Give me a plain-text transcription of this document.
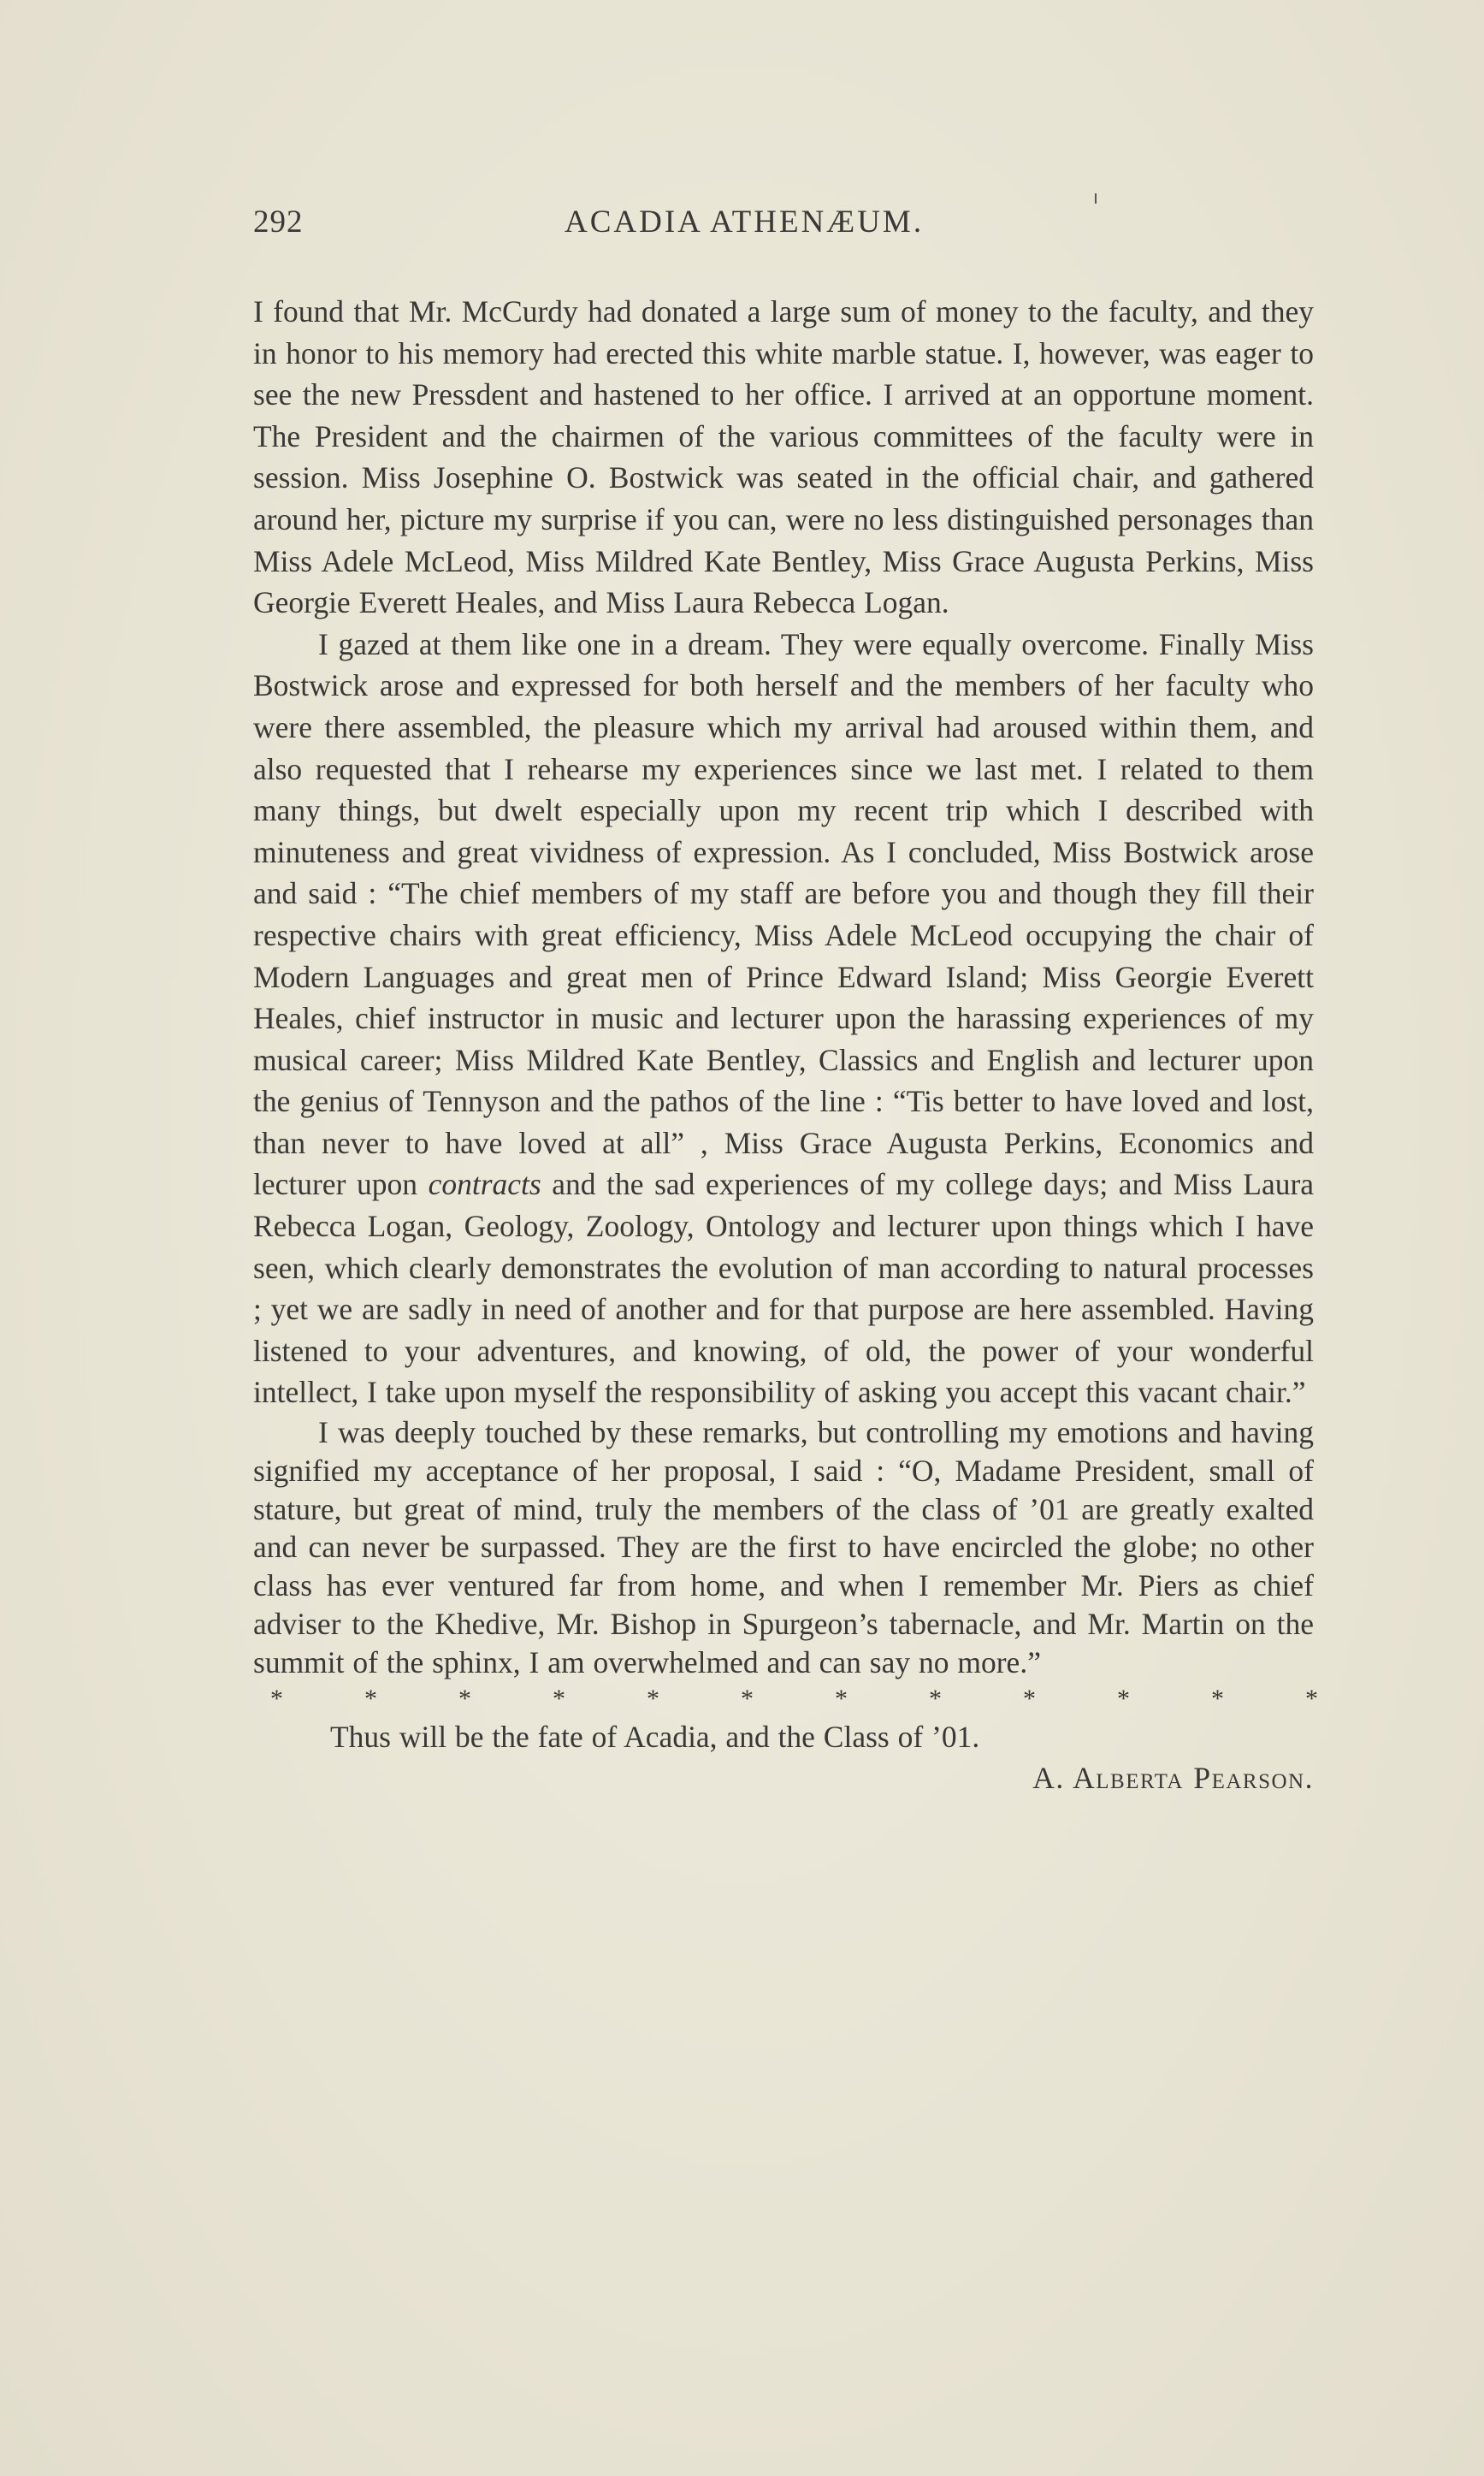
292	ACADIA ATHENÆUM.

I found that Mr. McCurdy had donated a large sum of money to the faculty, and they in honor to his memory had erected this white marble statue. I, however, was eager to see the new Pressdent and hastened to her office. I arrived at an opportune moment. The President and the chairmen of the various committees of the faculty were in session. Miss Josephine O. Bostwick was seated in the official chair, and gathered around her, picture my surprise if you can, were no less distinguished personages than Miss Adele McLeod, Miss Mildred Kate Bentley, Miss Grace Augusta Perkins, Miss Georgie Everett Heales, and Miss Laura Rebecca Logan.

I gazed at them like one in a dream. They were equally overcome. Finally Miss Bostwick arose and expressed for both herself and the members of her faculty who were there assembled, the pleasure which my arrival had aroused within them, and also requested that I rehearse my experiences since we last met. I related to them many things, but dwelt especially upon my recent trip which I described with minuteness and great vividness of expression. As I concluded, Miss Bostwick arose and said : “The chief members of my staff are before you and though they fill their respective chairs with great efficiency, Miss Adele McLeod occupying the chair of Modern Languages and great men of Prince Edward Island; Miss Georgie Everett Heales, chief instructor in music and lecturer upon the harassing experiences of my musical career; Miss Mildred Kate Bentley, Classics and English and lecturer upon the genius of Tennyson and the pathos of the line : “Tis better to have loved and lost, than never to have loved at all” , Miss Grace Augusta Perkins, Economics and lecturer upon contracts and the sad experiences of my college days; and Miss Laura Rebecca Logan, Geology, Zoology, Ontology and lecturer upon things which I have seen, which clearly demonstrates the evolution of man according to natural processes ; yet we are sadly in need of another and for that purpose are here assembled. Having listened to your adventures, and knowing, of old, the power of your wonderful intellect, I take upon myself the responsibility of asking you accept this vacant chair.”

I was deeply touched by these remarks, but controlling my emotions and having signified my acceptance of her proposal, I said : “O, Madame President, small of stature, but great of mind, truly the members of the class of ’01 are greatly exalted and can never be surpassed. They are the first to have encircled the globe; no other class has ever ventured far from home, and when I remember Mr. Piers as chief adviser to the Khedive, Mr. Bishop in Spurgeon’s tabernacle, and Mr. Martin on the summit of the sphinx, I am overwhelmed and can say no more.”

*	*	*	*	*	*	*	*	*	*	*	*

Thus will be the fate of Acadia, and the Class of ’01.

A. Alberta Pearson.
